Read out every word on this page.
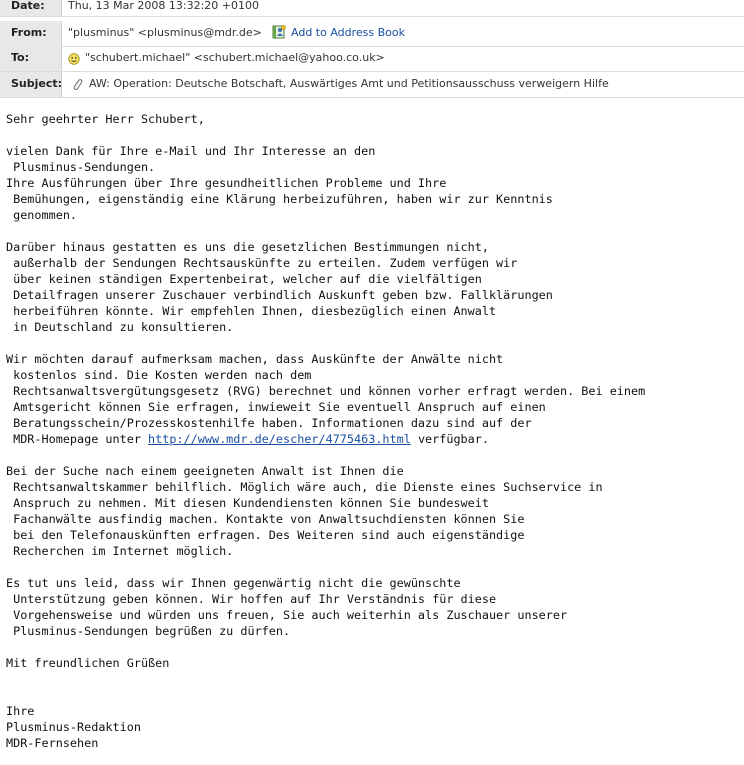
Date: Thu, 13 Mar 2008 13:32:20 +0100
From: "plusminus" <plusminus@mdr.de>	Add to Address Book
To:	"schubert.michael" <schubert.michael@yahoo.co.uk>
Subject: AW: Operation: Deutsche Botschaft, Auswärtiges Amt und Petitionsausschuss verweigern Hilfe
Sehr geehrter Herr Schubert,
vielen Dank für Ihre e-Mail und Ihr Interesse an den
Plusminus-Sendungen.
Ihre Ausführungen über Ihre gesundheitlichen Probleme und Ihre
Bemühungen, eigenständig eine Klärung herbeizuführen, haben wir zur Kenntnis
genommen.
Darüber hinaus gestatten es uns die gesetzlichen Bestimmungen nicht,
außerhalb der Sendungen Rechtsauskünfte zu erteilen. Zudem verfügen wir
über keinen ständigen Expertenbeirat, welcher auf die vielfältigen
Detailfragen unserer Zuschauer verbindlich Auskunft geben bzw. Fallklärungen
herbeiführen könnte. Wir empfehlen Ihnen, diesbezüglich einen Anwalt
in Deutschland zu konsultieren.
Wir möchten darauf aufmerksam machen, dass Auskünfte der Anwälte nicht
kostenlos sind. Die Kosten werden nach dem
Rechtsanwaltsvergütungsgesetz (RVG) berechnet und können vorher erfragt werden. Bei einem
Amtsgericht können Sie erfragen, inwieweit Sie eventuell Anspruch auf einen
Beratungsschein/Prozesskostenhilfe haben. Informationen dazu sind auf der
MDR-Homepage unter http://www.mdr.de/escher/4775463.html verfügbar.
Bei der Suche nach einem geeigneten Anwalt ist Ihnen die
Rechtsanwaltskammer behilflich. Möglich wäre auch, die Dienste eines Suchservice in
Anspruch zu nehmen. Mit diesen Kundendiensten können Sie bundesweit
Fachanwälte ausfindig machen. Kontakte von Anwaltsuchdiensten können Sie
bei den Telefonauskünften erfragen. Des Weiteren sind auch eigenständige
Recherchen im Internet möglich.
Es tut uns leid, dass wir Ihnen gegenwärtig nicht die gewünschte
Unterstützung geben können. Wir hoffen auf Ihr Verständnis für diese
Vorgehensweise und würden uns freuen, Sie auch weiterhin als Zuschauer unserer
Plusminus-Sendungen begrüßen zu dürfen.
Mit freundlichen Grüßen
Ihre
Plusminus-Redaktion
MDR-Fernsehen
